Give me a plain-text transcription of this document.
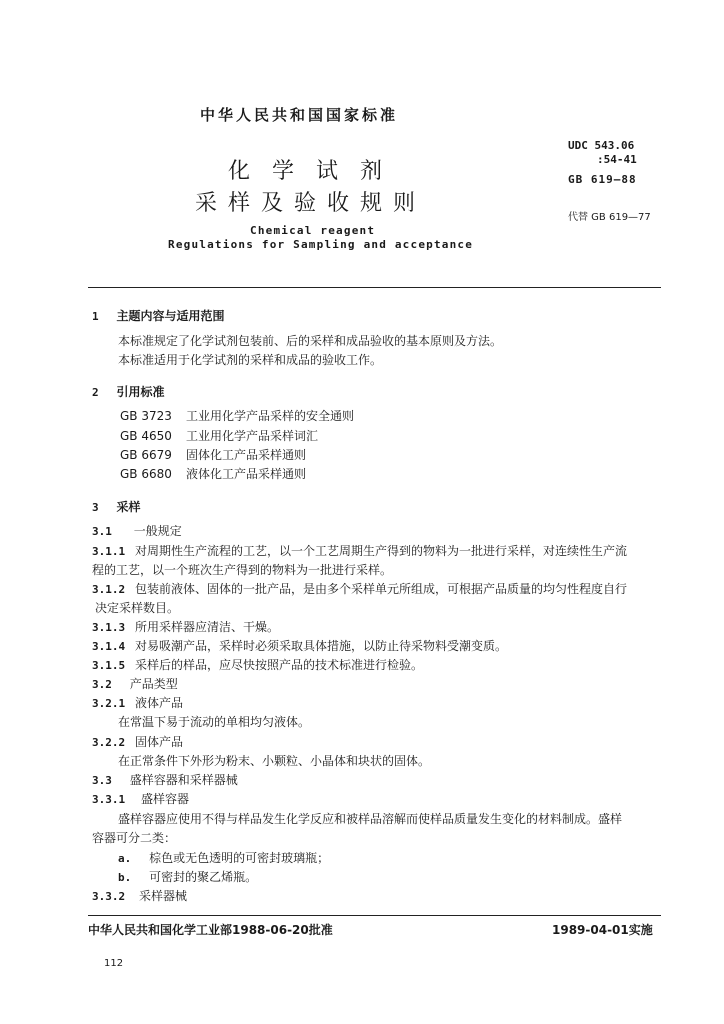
中华人民共和国国家标准
化学试剂
采样及验收规则
Chemical reagent
Regulations for Sampling and acceptance
UDC 543.06
:54-41
GB 619—88
代替 GB 619—77
1 主题内容与适用范围
本标准规定了化学试剂包装前、后的采样和成品验收的基本原则及方法。
本标准适用于化学试剂的采样和成品的验收工作。
2 引用标准
GB 3723 工业用化学产品采样的安全通则
GB 4650 工业用化学产品采样词汇
GB 6679 固体化工产品采样通则
GB 6680 液体化工产品采样通则
3 采样
3.1 一般规定
3.1.1 对周期性生产流程的工艺，以一个工艺周期生产得到的物料为一批进行采样，对连续性生产流
程的工艺，以一个班次生产得到的物料为一批进行采样。
3.1.2 包装前液体、固体的一批产品，是由多个采样单元所组成，可根据产品质量的均匀性程度自行
决定采样数目。
3.1.3 所用采样器应清洁、干燥。
3.1.4 对易吸潮产品，采样时必须采取具体措施，以防止待采物料受潮变质。
3.1.5 采样后的样品，应尽快按照产品的技术标准进行检验。
3.2 产品类型
3.2.1 液体产品
在常温下易于流动的单相均匀液体。
3.2.2 固体产品
在正常条件下外形为粉末、小颗粒、小晶体和块状的固体。
3.3 盛样容器和采样器械
3.3.1 盛样容器
盛样容器应使用不得与样品发生化学反应和被样品溶解而使样品质量发生变化的材料制成。盛样
容器可分二类：
a. 棕色或无色透明的可密封玻璃瓶；
b. 可密封的聚乙烯瓶。
3.3.2 采样器械
中华人民共和国化学工业部1988-06-20批准	1989-04-01实施
112
